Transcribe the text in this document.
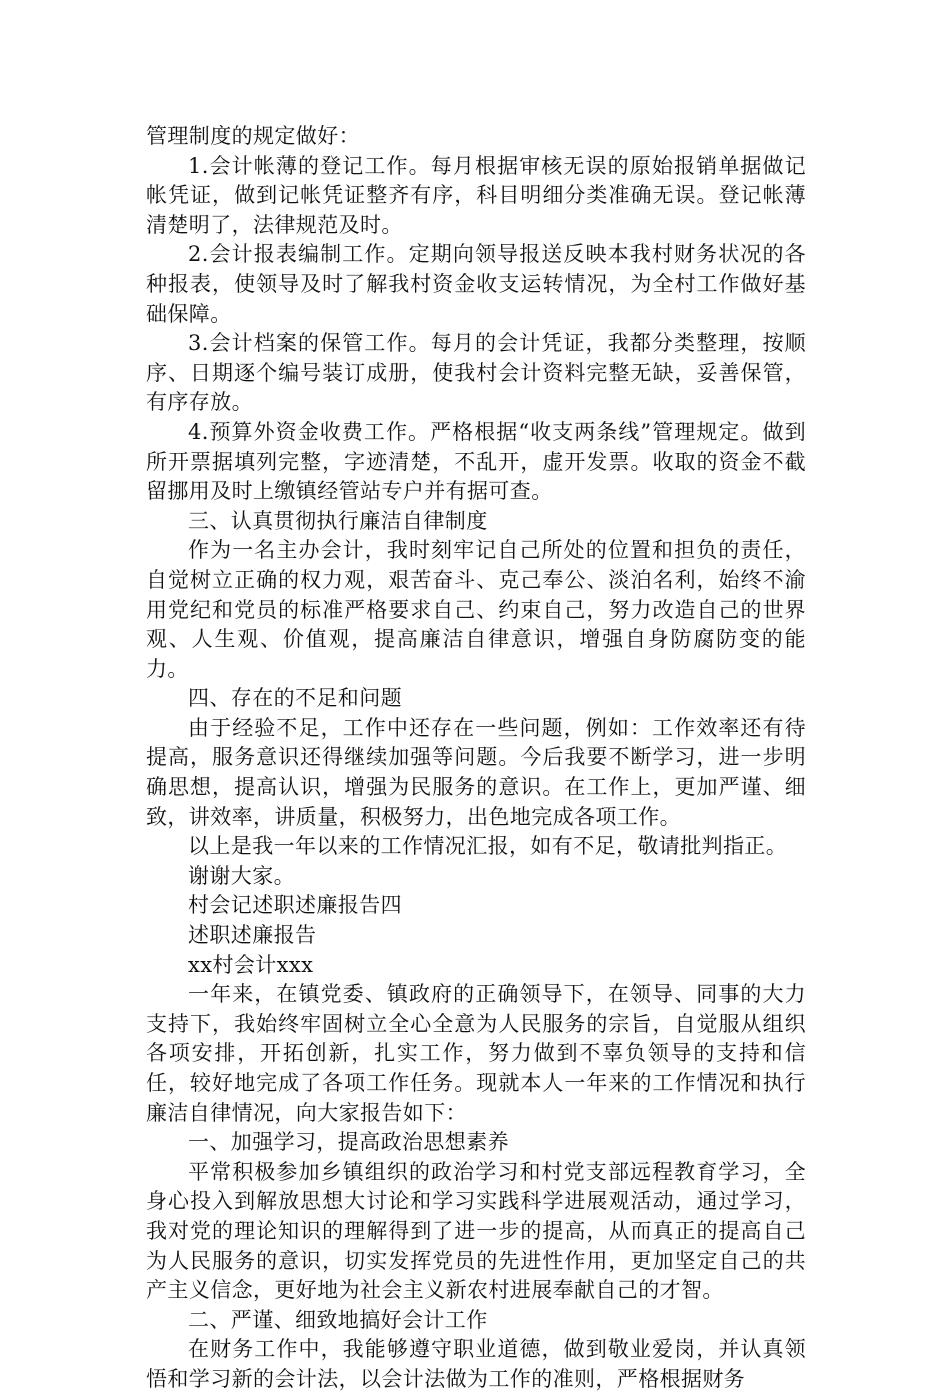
管理制度的规定做好：

1.会计帐薄的登记工作。每月根据审核无误的原始报销单据做记帐凭证，做到记帐凭证整齐有序，科目明细分类准确无误。登记帐薄清楚明了，法律规范及时。

2.会计报表编制工作。定期向领导报送反映本我村财务状况的各种报表，使领导及时了解我村资金收支运转情况，为全村工作做好基础保障。

3.会计档案的保管工作。每月的会计凭证，我都分类整理，按顺序、日期逐个编号装订成册，使我村会计资料完整无缺，妥善保管，有序存放。

4.预算外资金收费工作。严格根据“收支两条线”管理规定。做到所开票据填列完整，字迹清楚，不乱开，虚开发票。收取的资金不截留挪用及时上缴镇经管站专户并有据可查。

三、认真贯彻执行廉洁自律制度

作为一名主办会计，我时刻牢记自己所处的位置和担负的责任，自觉树立正确的权力观，艰苦奋斗、克己奉公、淡泊名利，始终不渝用党纪和党员的标准严格要求自己、约束自己，努力改造自己的世界观、人生观、价值观，提高廉洁自律意识，增强自身防腐防变的能力。

四、存在的不足和问题

由于经验不足，工作中还存在一些问题，例如：工作效率还有待提高，服务意识还得继续加强等问题。今后我要不断学习，进一步明确思想，提高认识，增强为民服务的意识。在工作上，更加严谨、细致，讲效率，讲质量，积极努力，出色地完成各项工作。

以上是我一年以来的工作情况汇报，如有不足，敬请批判指正。

谢谢大家。

村会记述职述廉报告四

述职述廉报告

xx村会计xxx

一年来，在镇党委、镇政府的正确领导下，在领导、同事的大力支持下，我始终牢固树立全心全意为人民服务的宗旨，自觉服从组织各项安排，开拓创新，扎实工作，努力做到不辜负领导的支持和信任，较好地完成了各项工作任务。现就本人一年来的工作情况和执行廉洁自律情况，向大家报告如下：

一、加强学习，提高政治思想素养

平常积极参加乡镇组织的政治学习和村党支部远程教育学习，全身心投入到解放思想大讨论和学习实践科学进展观活动，通过学习，我对党的理论知识的理解得到了进一步的提高，从而真正的提高自己为人民服务的意识，切实发挥党员的先进性作用，更加坚定自己的共产主义信念，更好地为社会主义新农村进展奉献自己的才智。

二、严谨、细致地搞好会计工作

在财务工作中，我能够遵守职业道德，做到敬业爱岗，并认真领悟和学习新的会计法，以会计法做为工作的准则，严格根据财务
